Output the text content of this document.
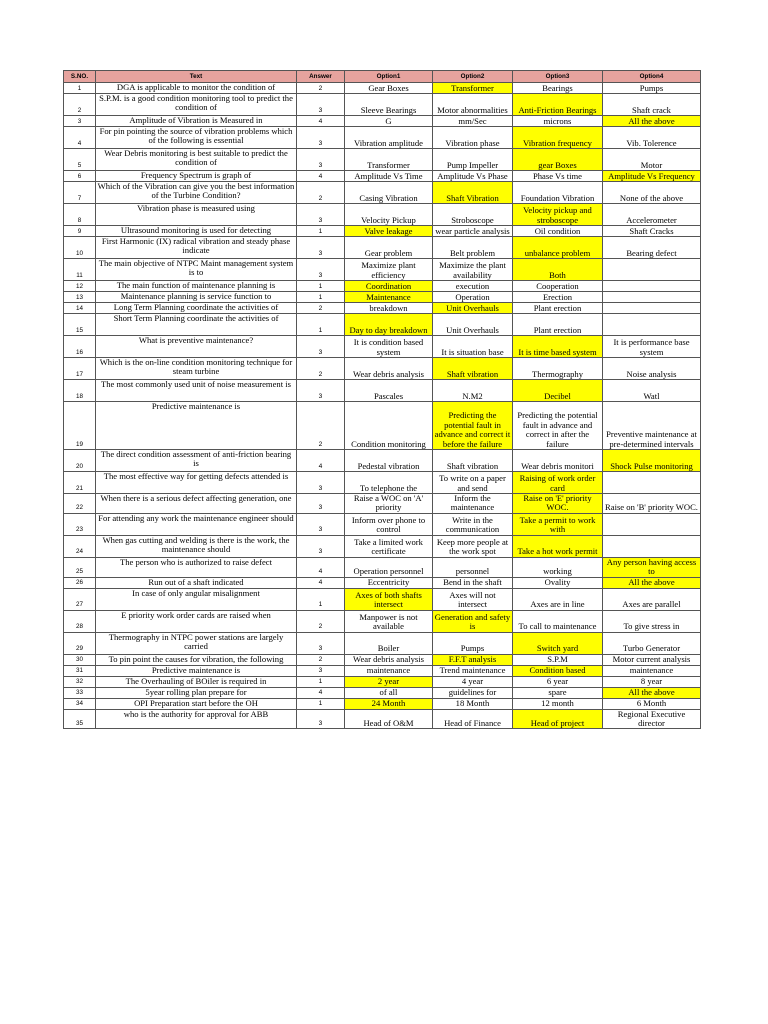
S.NO.	Text	Answer	Option1	Option2	Option3	Option4
1	DGA is applicable to monitor the condition of	2	Gear Boxes	Transformer	Bearings	Pumps
2	S.P.M. is a good condition monitoring tool to predict the condition of	3	Sleeve Bearings	Motor abnormalities	Anti-Friction Bearings	Shaft crack
3	Amplitude of Vibration is Measured in	4	G	mm/Sec	microns	All the above
4	For pin pointing the source of vibration problems which of the following is essential	3	Vibration amplitude	Vibration phase	Vibration frequency	Vib. Tolerence
5	Wear Debris monitoring is best suitable to predict the condition of	3	Transformer	Pump Impeller	gear Boxes	Motor
6	Frequency Spectrum is graph of	4	Amplitude Vs Time	Amplitude Vs Phase	Phase Vs time	Amplitude Vs Frequency
7	Which of the Vibration can give you the best information of the Turbine Condition?	2	Casing Vibration	Shaft Vibration	Foundation Vibration	None of the above
8	Vibration phase is measured using	3	Velocity Pickup	Stroboscope	Velocity pickup and stroboscope	Accelerometer
9	Ultrasound monitoring is used for detecting	1	Valve leakage	wear particle analysis	Oil condition	Shaft Cracks
10	First Harmonic (IX) radical vibration and steady phase indicate	3	Gear problem	Belt problem	unbalance problem	Bearing defect
11	The main objective of NTPC Maint management system is to	3	Maximize plant efficiency	Maximize the plant availability	Both	
12	The main function of maintenance planning is	1	Coordination	execution	Cooperation	
13	Maintenance planning is service function to	1	Maintenance	Operation	Erection	
14	Long Term Planning coordinate the activities of	2	breakdown	Unit Overhauls	Plant erection	
15	Short Term Planning coordinate the activities of	1	Day to day breakdown	Unit Overhauls	Plant erection	
16	What is preventive maintenance?	3	It is condition based system	It is situation base	It is time based system	It is performance base system
17	Which is the on-line condition monitoring technique for steam turbine	2	Wear debris analysis	Shaft vibration	Thermography	Noise analysis
18	The most commonly used unit of noise measurement is	3	Pascales	N.M2	Decibel	Watl
19	Predictive maintenance is	2	Condition monitoring	Predicting the potential fault in advance and correct it before the failure	Predicting the potential fault in advance and correct in after the failure	Preventive maintenance at pre-determined intervals
20	The direct condition assessment of anti-friction bearing is	4	Pedestal vibration	Shaft vibration	Wear debris monitori	Shock Pulse monitoring
21	The most effective way for getting defects attended is	3	To telephone the	To write on a paper and send	Raising of work order card	
22	When there is a serious defect affecting generation, one	3	Raise a WOC on 'A' priority	Inform the maintenance	Raise on 'E' priority WOC.	Raise on 'B' priority WOC.
23	For attending any work the maintenance engineer should	3	Inform over phone to control	Write in the communication	Take a permit to work with	
24	When gas cutting and welding is there is the work, the maintenance should	3	Take a limited work certificate	Keep more people at the work spot	Take a hot work permit	
25	The person who is authorized to raise defect	4	Operation personnel	personnel	working	Any person having access to
26	Run out of a shaft indicated	4	Eccentricity	Bend in the shaft	Ovality	All the above
27	In case of only angular misalignment	1	Axes of both shafts intersect	Axes will not intersect	Axes are in line	Axes are parallel
28	E priority work order cards are raised when	2	Manpower is not available	Generation and safety is	To call to maintenance	To give stress in
29	Thermography in NTPC power stations are largely carried	3	Boiler	Pumps	Switch yard	Turbo Generator
30	To pin point the causes for vibration, the following	2	Wear debris analysis	F.F.T analysis	S.P.M	Motor current analysis
31	Predictive maintenance is	3	maintenance	Trend maintenance	Condition based	maintenance
32	The Overhauling of BOiler is required in	1	2 year	4 year	6 year	8 year
33	5year rolling plan prepare for	4	of all	guidelines for	spare	All the above
34	OPI Preparation start before the OH	1	24 Month	18 Month	12 month	6 Month
35	who is the authority for approval for ABB	3	Head of O&M	Head of Finance	Head of project	Regional Executive director
